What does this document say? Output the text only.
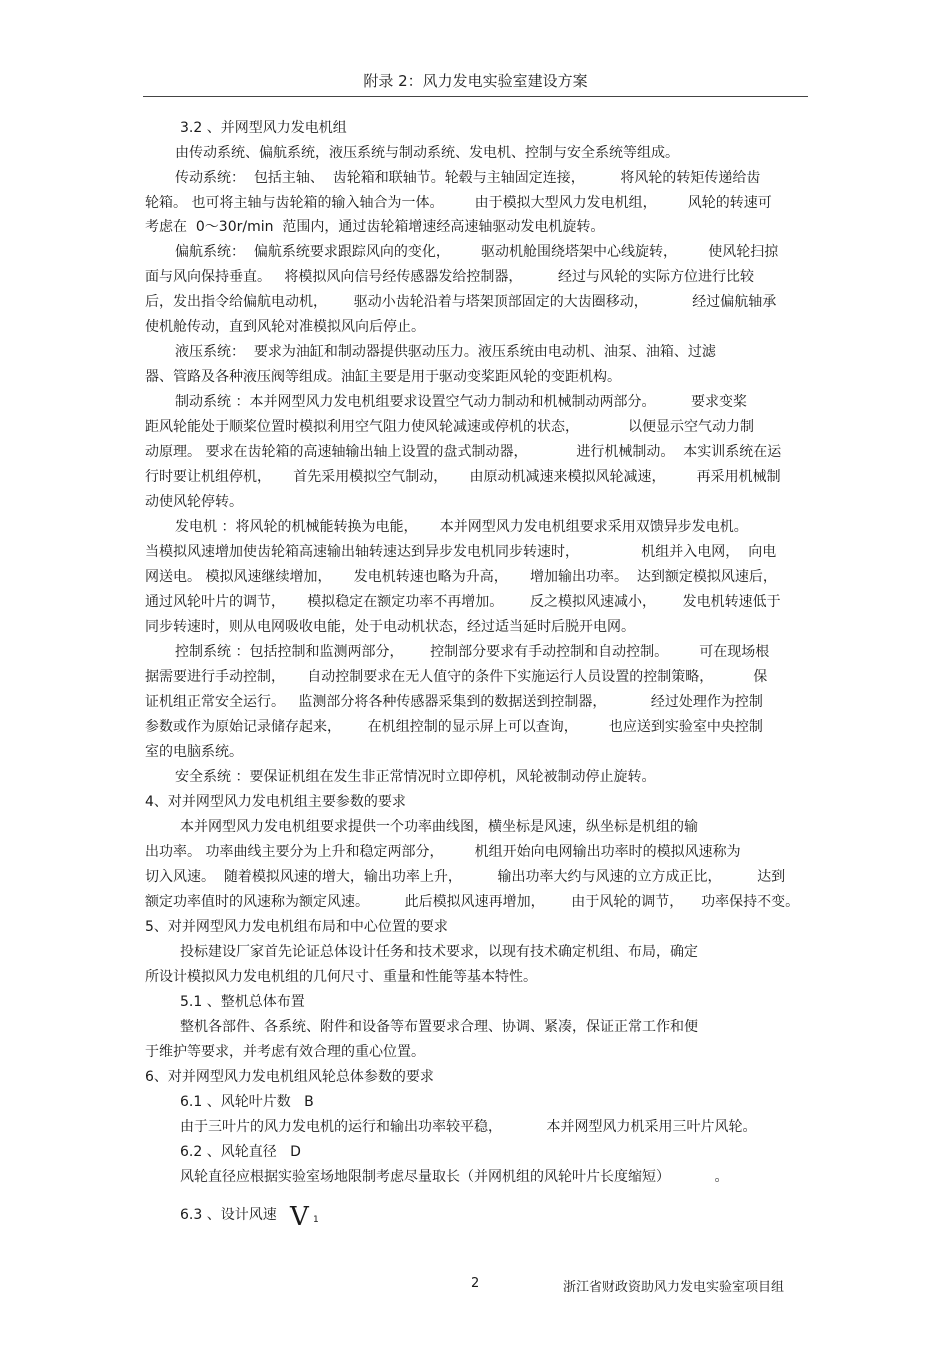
附录 2：风力发电实验室建设方案
3.2 、并网型风力发电机组
由传动系统、偏航系统，液压系统与制动系统、发电机、控制与安全系统等组成。
传动系统：  包括主轴、  齿轮箱和联轴节。轮毂与主轴固定连接，        将风轮的转矩传递给齿
轮箱。 也可将主轴与齿轮箱的输入轴合为一体。       由于模拟大型风力发电机组，       风轮的转速可
考虑在  0～30r/min  范围内，通过齿轮箱增速经高速轴驱动发电机旋转。
偏航系统：  偏航系统要求跟踪风向的变化，       驱动机舱围绕塔架中心线旋转，       使风轮扫掠
面与风向保持垂直。   将模拟风向信号经传感器发给控制器，        经过与风轮的实际方位进行比较
后，发出指令给偏航电动机，      驱动小齿轮沿着与塔架顶部固定的大齿圈移动，          经过偏航轴承
使机舱传动，直到风轮对准模拟风向后停止。
液压系统：  要求为油缸和制动器提供驱动压力。液压系统由电动机、油泵、油箱、过滤
器、管路及各种液压阀等组成。油缸主要是用于驱动变桨距风轮的变距机构。
制动系统 ：本并网型风力发电机组要求设置空气动力制动和机械制动两部分。        要求变桨
距风轮能处于顺桨位置时模拟利用空气阻力使风轮减速或停机的状态，           以便显示空气动力制
动原理。 要求在齿轮箱的高速轴输出轴上设置的盘式制动器，           进行机械制动。  本实训系统在运
行时要让机组停机，     首先采用模拟空气制动，     由原动机减速来模拟风轮减速，       再采用机械制
动使风轮停转。
发电机 ：将风轮的机械能转换为电能，     本并网型风力发电机组要求采用双馈异步发电机。
当模拟风速增加使齿轮箱高速输出轴转速达到异步发电机同步转速时，              机组并入电网，  向电
网送电。 模拟风速继续增加，     发电机转速也略为升高，     增加输出功率。  达到额定模拟风速后，
通过风轮叶片的调节，     模拟稳定在额定功率不再增加。      反之模拟风速减小，      发电机转速低于
同步转速时，则从电网吸收电能，处于电动机状态，经过适当延时后脱开电网。
控制系统 ：包括控制和监测两部分，      控制部分要求有手动控制和自动控制。       可在现场根
据需要进行手动控制，     自动控制要求在无人值守的条件下实施运行人员设置的控制策略，         保
证机组正常安全运行。   监测部分将各种传感器采集到的数据送到控制器，          经过处理作为控制
参数或作为原始记录储存起来，      在机组控制的显示屏上可以查询，       也应送到实验室中央控制
室的电脑系统。
安全系统 ：要保证机组在发生非正常情况时立即停机，风轮被制动停止旋转。
4、对并网型风力发电机组主要参数的要求
本并网型风力发电机组要求提供一个功率曲线图，横坐标是风速，纵坐标是机组的输
出功率。 功率曲线主要分为上升和稳定两部分，       机组开始向电网输出功率时的模拟风速称为
切入风速。  随着模拟风速的增大，输出功率上升，        输出功率大约与风速的立方成正比，        达到
额定功率值时的风速称为额定风速。        此后模拟风速再增加，      由于风轮的调节，    功率保持不变。
5、对并网型风力发电机组布局和中心位置的要求
投标建设厂家首先论证总体设计任务和技术要求，以现有技术确定机组、布局，确定
所设计模拟风力发电机组的几何尺寸、重量和性能等基本特性。
5.1 、整机总体布置
整机各部件、各系统、附件和设备等布置要求合理、协调、紧凑，保证正常工作和便
于维护等要求，并考虑有效合理的重心位置。
6、对并网型风力发电机组风轮总体参数的要求
6.1 、风轮叶片数   B
由于三叶片的风力发电机的运行和输出功率较平稳，          本并网型风力机采用三叶片风轮。
6.2 、风轮直径   D
风轮直径应根据实验室场地限制考虑尽量取长（并网机组的风轮叶片长度缩短）          。
6.3 、设计风速 V 1
2	浙江省财政资助风力发电实验室项目组
